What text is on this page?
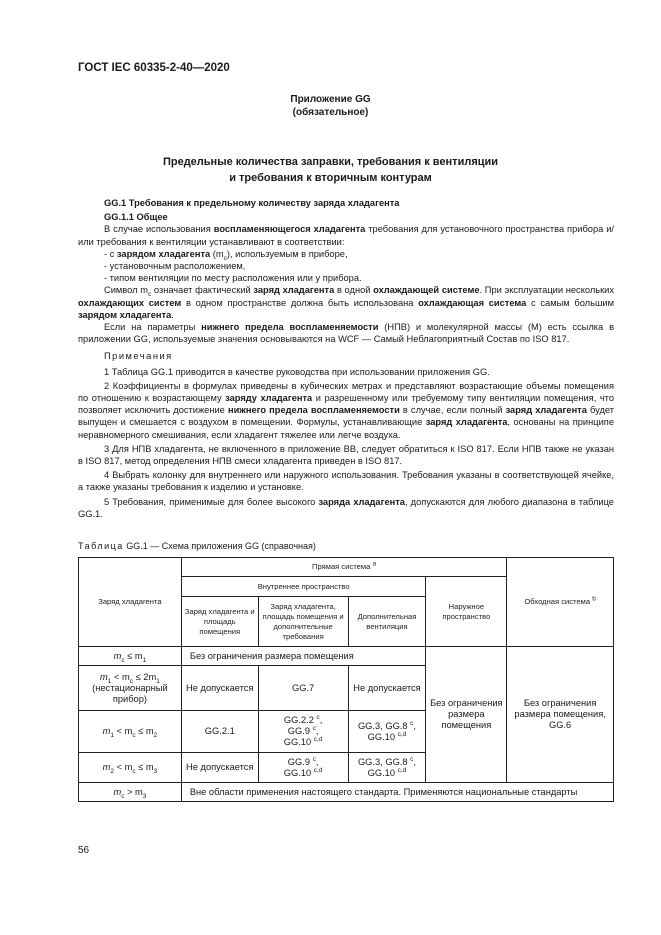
ГОСТ IEC 60335-2-40—2020
Приложение GG
(обязательное)
Предельные количества заправки, требования к вентиляции
и требования к вторичным контурам

GG.1 Требования к предельному количеству заряда хладагента

GG.1.1 Общее

В случае использования воспламеняющегося хладагента требования для установочного пространства прибора и/или требования к вентиляции устанавливают в соответствии:

- с зарядом хладагента $(m_c)$, используемым в приборе,

- установочным расположением,

- типом вентиляции по месту расположения или у прибора.

Символ $m_c$ означает фактический заряд хладагента в одной охлаждающей системе. При эксплуатации нескольких охлаждающих систем в одном пространстве должна быть использована охлаждающая система с самым большим зарядом хладагента.

Если на параметры нижнего предела воспламеняемости (НПВ) и молекулярной массы (M) есть ссылка в приложении GG, используемые значения основываются на WCF — Самый Неблагоприятный Состав по ISO 817.

Примечания

1 Таблица GG.1 приводится в качестве руководства при использовании приложения GG.

2 Коэффициенты в формулах приведены в кубических метрах и представляют возрастающие объемы помещения по отношению к возрастающему заряду хладагента и разрешенному или требуемому типу вентиляции помещения, что позволяет исключить достижение нижнего предела воспламеняемости в случае, если полный заряд хладагента будет выпущен и смешается с воздухом в помещении. Формулы, устанавливающие заряд хладагента, основаны на принципе неравномерного смешивания, если хладагент тяжелее или легче воздуха.

3 Для НПВ хладагента, не включенного в приложение ВВ, следует обратиться к ISO 817. Если НПВ также не указан в ISO 817, метод определения НПВ смеси хладагента приведен в ISO 817.

4 Выбрать колонку для внутреннего или наружного использования. Требования указаны в соответствующей ячейке, а также указаны требования к изделию и установке.

5 Требования, применимые для более высокого заряда хладагента, допускаются для любого диапазона в таблице GG.1.

Таблица GG.1 — Схема приложения GG (справочная)
Заряд хладагента	Прямая система $^a$				Обходная система $^b$
	Внутреннее пространство			Наружное пространство	
	Заряд хладагента и площадь помещения	Заряд хладагента, площадь помещения и дополнительные требования	Дополнительная вентиляция		
$m_c \le m_1$	Без ограничения размера помещения			Без ограничения размера помещения	Без ограничения размера помещения,
GG.6
$m_1 < m_c \le 2m_1$
(нестационарный прибор)	Не допускается	GG.7	Не допускается		
$m_1 < m_c \le m_2$	GG.2.1	GG.2.2 $^c$,
GG.9 $^c$,
GG.10 $^{c,d}$	GG.3, GG.8 $^c$,
GG.10 $^{c,d}$
$m_2 < m_c \le m_3$	Не допускается	GG.9 $^c$,
GG.10 $^{c,d}$	GG.3, GG.8 $^c$,
GG.10 $^{c,d}$
$m_c > m_3$	Вне области применения настоящего стандарта. Применяются национальные стандарты				
56
